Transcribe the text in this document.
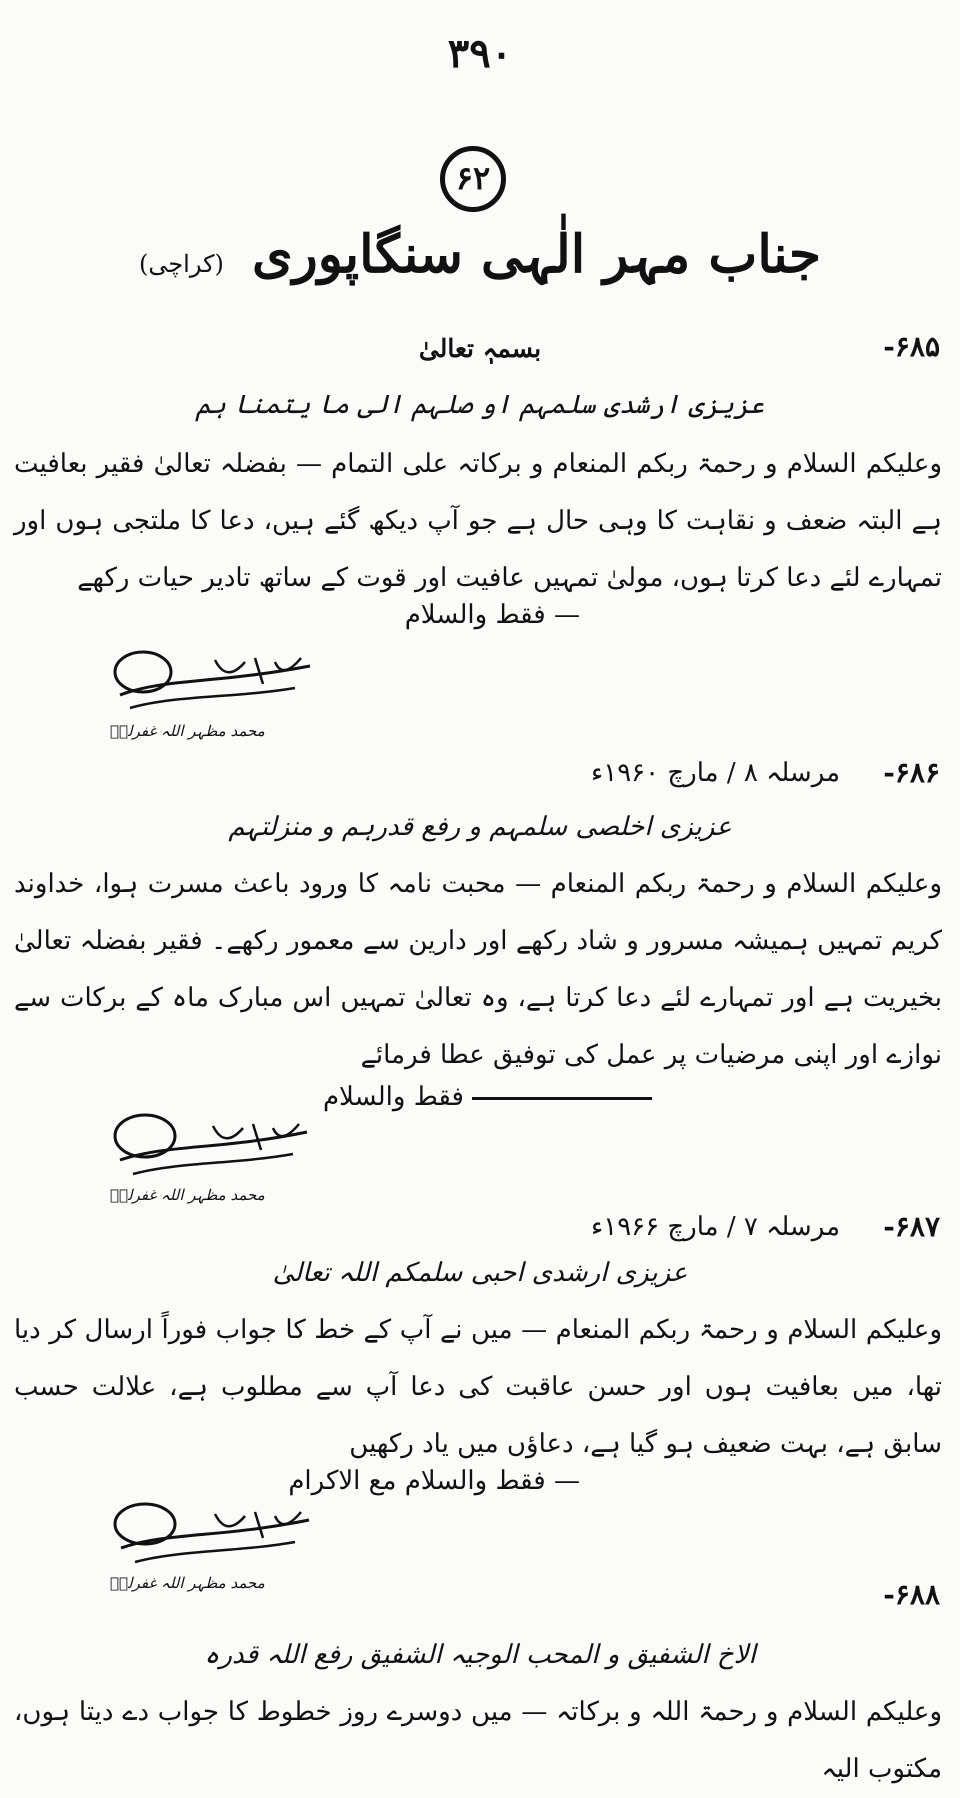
۳۹۰
۶۲
جناب مہر الٰہی سنگاپوری (کراچی)
-۶۸۵
بسمہٖ تعالیٰ
عزیزی ارشدی سلمہم او صلہم الی ما یتمنا ہم
وعلیکم السلام و رحمۃ ربکم المنعام و برکاتہ علی التمام — بفضلہ تعالیٰ فقیر بعافیت ہے البتہ ضعف و نقاہت کا وہی حال ہے جو آپ دیکھ گئے ہیں، دعا کا ملتجی ہوں اور تمہارے لئے دعا کرتا ہوں، مولیٰ تمہیں عافیت اور قوت کے ساتھ تادیر حیات رکھے
— فقط والسلام
محمد مظہر اللہ غفرلہٗ
-۶۸۶
مرسلہ ۸ / مارچ ۱۹۶۰ء
عزیزی اخلصی سلمہم و رفع قدرہم و منزلتہم
وعلیکم السلام و رحمۃ ربکم المنعام — محبت نامہ کا ورود باعث مسرت ہوا، خداوند کریم تمہیں ہمیشہ مسرور و شاد رکھے اور دارین سے معمور رکھے۔ فقیر بفضلہ تعالیٰ بخیریت ہے اور تمہارے لئے دعا کرتا ہے، وہ تعالیٰ تمہیں اس مبارک ماہ کے برکات سے نوازے اور اپنی مرضیات پر عمل کی توفیق عطا فرمائے
فقط والسلام
محمد مظہر اللہ غفرلہٗ
-۶۸۷
مرسلہ ۷ / مارچ ۱۹۶۶ء
عزیزی ارشدی احبی سلمکم اللہ تعالیٰ
وعلیکم السلام و رحمۃ ربکم المنعام — میں نے آپ کے خط کا جواب فوراً ارسال کر دیا تھا، میں بعافیت ہوں اور حسن عاقبت کی دعا آپ سے مطلوب ہے، علالت حسب سابق ہے، بہت ضعیف ہو گیا ہے، دعاؤں میں یاد رکھیں
— فقط والسلام مع الاکرام
محمد مظہر اللہ غفرلہٗ	-۶۸۸
الاخ الشفیق و المحب الوجیہ الشفیق رفع اللہ قدرہ
وعلیکم السلام و رحمۃ اللہ و برکاتہ — میں دوسرے روز خطوط کا جواب دے دیتا ہوں، مکتوب الیہ
